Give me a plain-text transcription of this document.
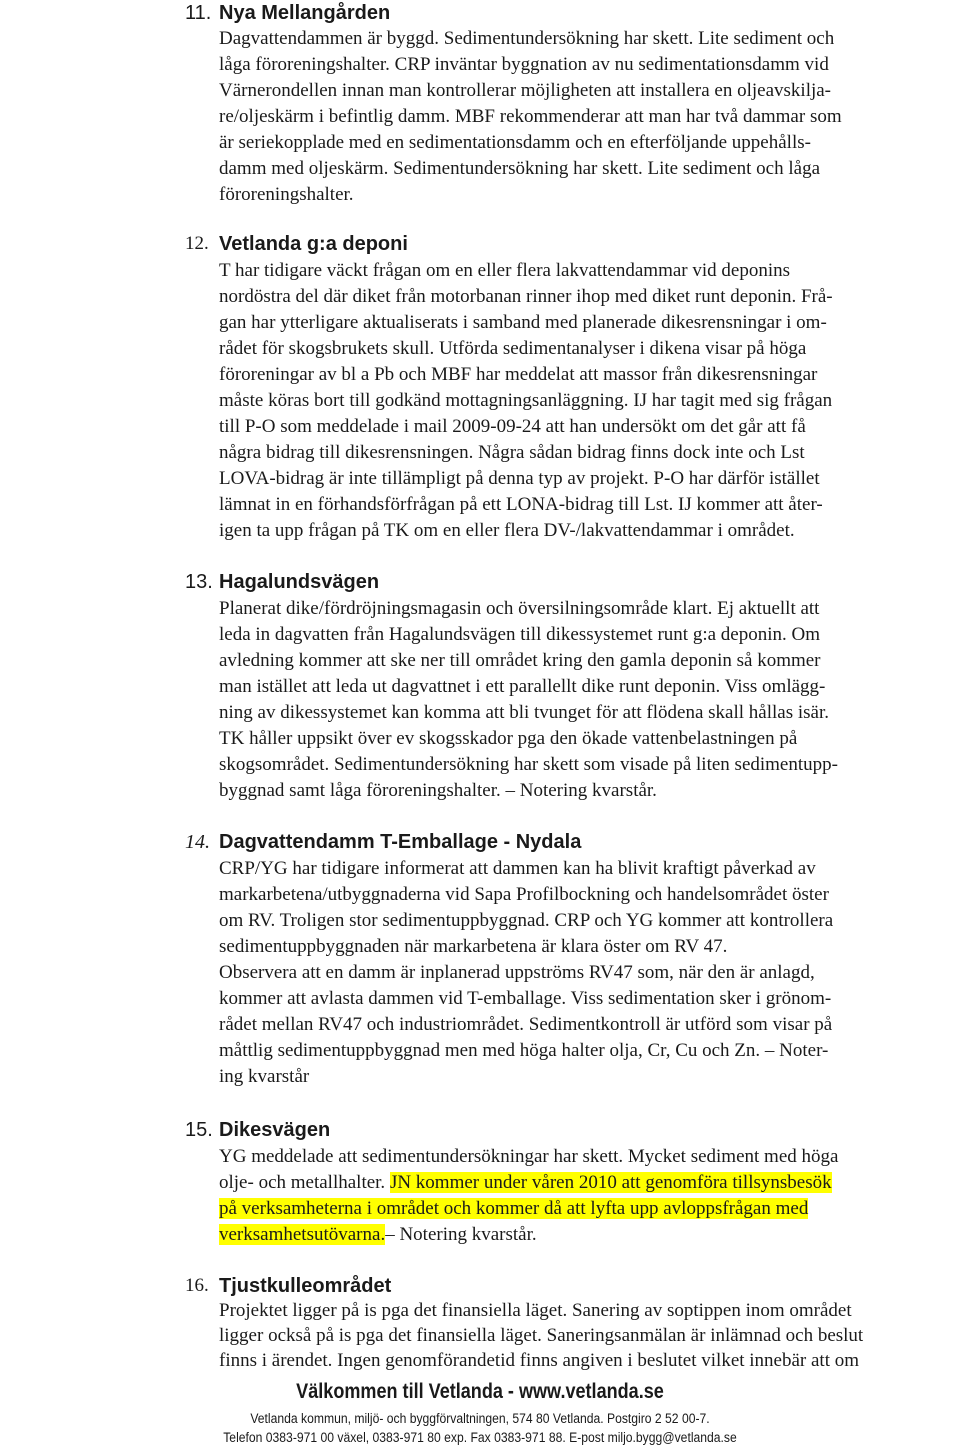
11. Nya Mellangården
Dagvattendammen är byggd. Sedimentundersökning har skett. Lite sediment och
låga föroreningshalter. CRP inväntar byggnation av nu sedimentationsdamm vid
Värnerondellen innan man kontrollerar möjligheten att installera en oljeavskilja-
re/oljeskärm i befintlig damm. MBF rekommenderar att man har två dammar som
är seriekopplade med en sedimentationsdamm och en efterföljande uppehålls-
damm med oljeskärm. Sedimentundersökning har skett. Lite sediment och låga
föroreningshalter.
12. Vetlanda g:a deponi
T har tidigare väckt frågan om en eller flera lakvattendammar vid deponins
nordöstra del där diket från motorbanan rinner ihop med diket runt deponin. Frå-
gan har ytterligare aktualiserats i samband med planerade dikesrensningar i om-
rådet för skogsbrukets skull. Utförda sedimentanalyser i dikena visar på höga
föroreningar av bl a Pb och MBF har meddelat att massor från dikesrensningar
måste köras bort till godkänd mottagningsanläggning. IJ har tagit med sig frågan
till P-O som meddelade i mail 2009-09-24 att han undersökt om det går att få
några bidrag till dikesrensningen. Några sådan bidrag finns dock inte och Lst
LOVA-bidrag är inte tillämpligt på denna typ av projekt. P-O har därför istället
lämnat in en förhandsförfrågan på ett LONA-bidrag till Lst. IJ kommer att åter-
igen ta upp frågan på TK om en eller flera DV-/lakvattendammar i området.
13. Hagalundsvägen
Planerat dike/fördröjningsmagasin och översilningsområde klart. Ej aktuellt att
leda in dagvatten från Hagalundsvägen till dikessystemet runt g:a deponin. Om
avledning kommer att ske ner till området kring den gamla deponin så kommer
man istället att leda ut dagvattnet i ett parallellt dike runt deponin. Viss omlägg-
ning av dikessystemet kan komma att bli tvunget för att flödena skall hållas isär.
TK håller uppsikt över ev skogsskador pga den ökade vattenbelastningen på
skogsområdet. Sedimentundersökning har skett som visade på liten sedimentupp-
byggnad samt låga föroreningshalter. – Notering kvarstår.
14. Dagvattendamm T-Emballage - Nydala
CRP/YG har tidigare informerat att dammen kan ha blivit kraftigt påverkad av
markarbetena/utbyggnaderna vid Sapa Profilbockning och handelsområdet öster
om RV. Troligen stor sedimentuppbyggnad. CRP och YG kommer att kontrollera
sedimentuppbyggnaden när markarbetena är klara öster om RV 47.
Observera att en damm är inplanerad uppströms RV47 som, när den är anlagd,
kommer att avlasta dammen vid T-emballage. Viss sedimentation sker i grönom-
rådet mellan RV47 och industriområdet. Sedimentkontroll är utförd som visar på
måttlig sedimentuppbyggnad men med höga halter olja, Cr, Cu och Zn. – Noter-
ing kvarstår
15. Dikesvägen
YG meddelade att sedimentundersökningar har skett. Mycket sediment med höga
olje- och metallhalter. JN kommer under våren 2010 att genomföra tillsynsbesök
på verksamheterna i området och kommer då att lyfta upp avloppsfrågan med
verksamhetsutövarna.– Notering kvarstår.
16. Tjustkulleområdet
Projektet ligger på is pga det finansiella läget. Sanering av soptippen inom området
ligger också på is pga det finansiella läget. Saneringsanmälan är inlämnad och beslut
finns i ärendet. Ingen genomförandetid finns angiven i beslutet vilket innebär att om
Välkommen till Vetlanda - www.vetlanda.se
Vetlanda kommun, miljö- och byggförvaltningen, 574 80 Vetlanda. Postgiro 2 52 00-7.
Telefon 0383-971 00 växel, 0383-971 80 exp. Fax 0383-971 88. E-post miljo.bygg@vetlanda.se
